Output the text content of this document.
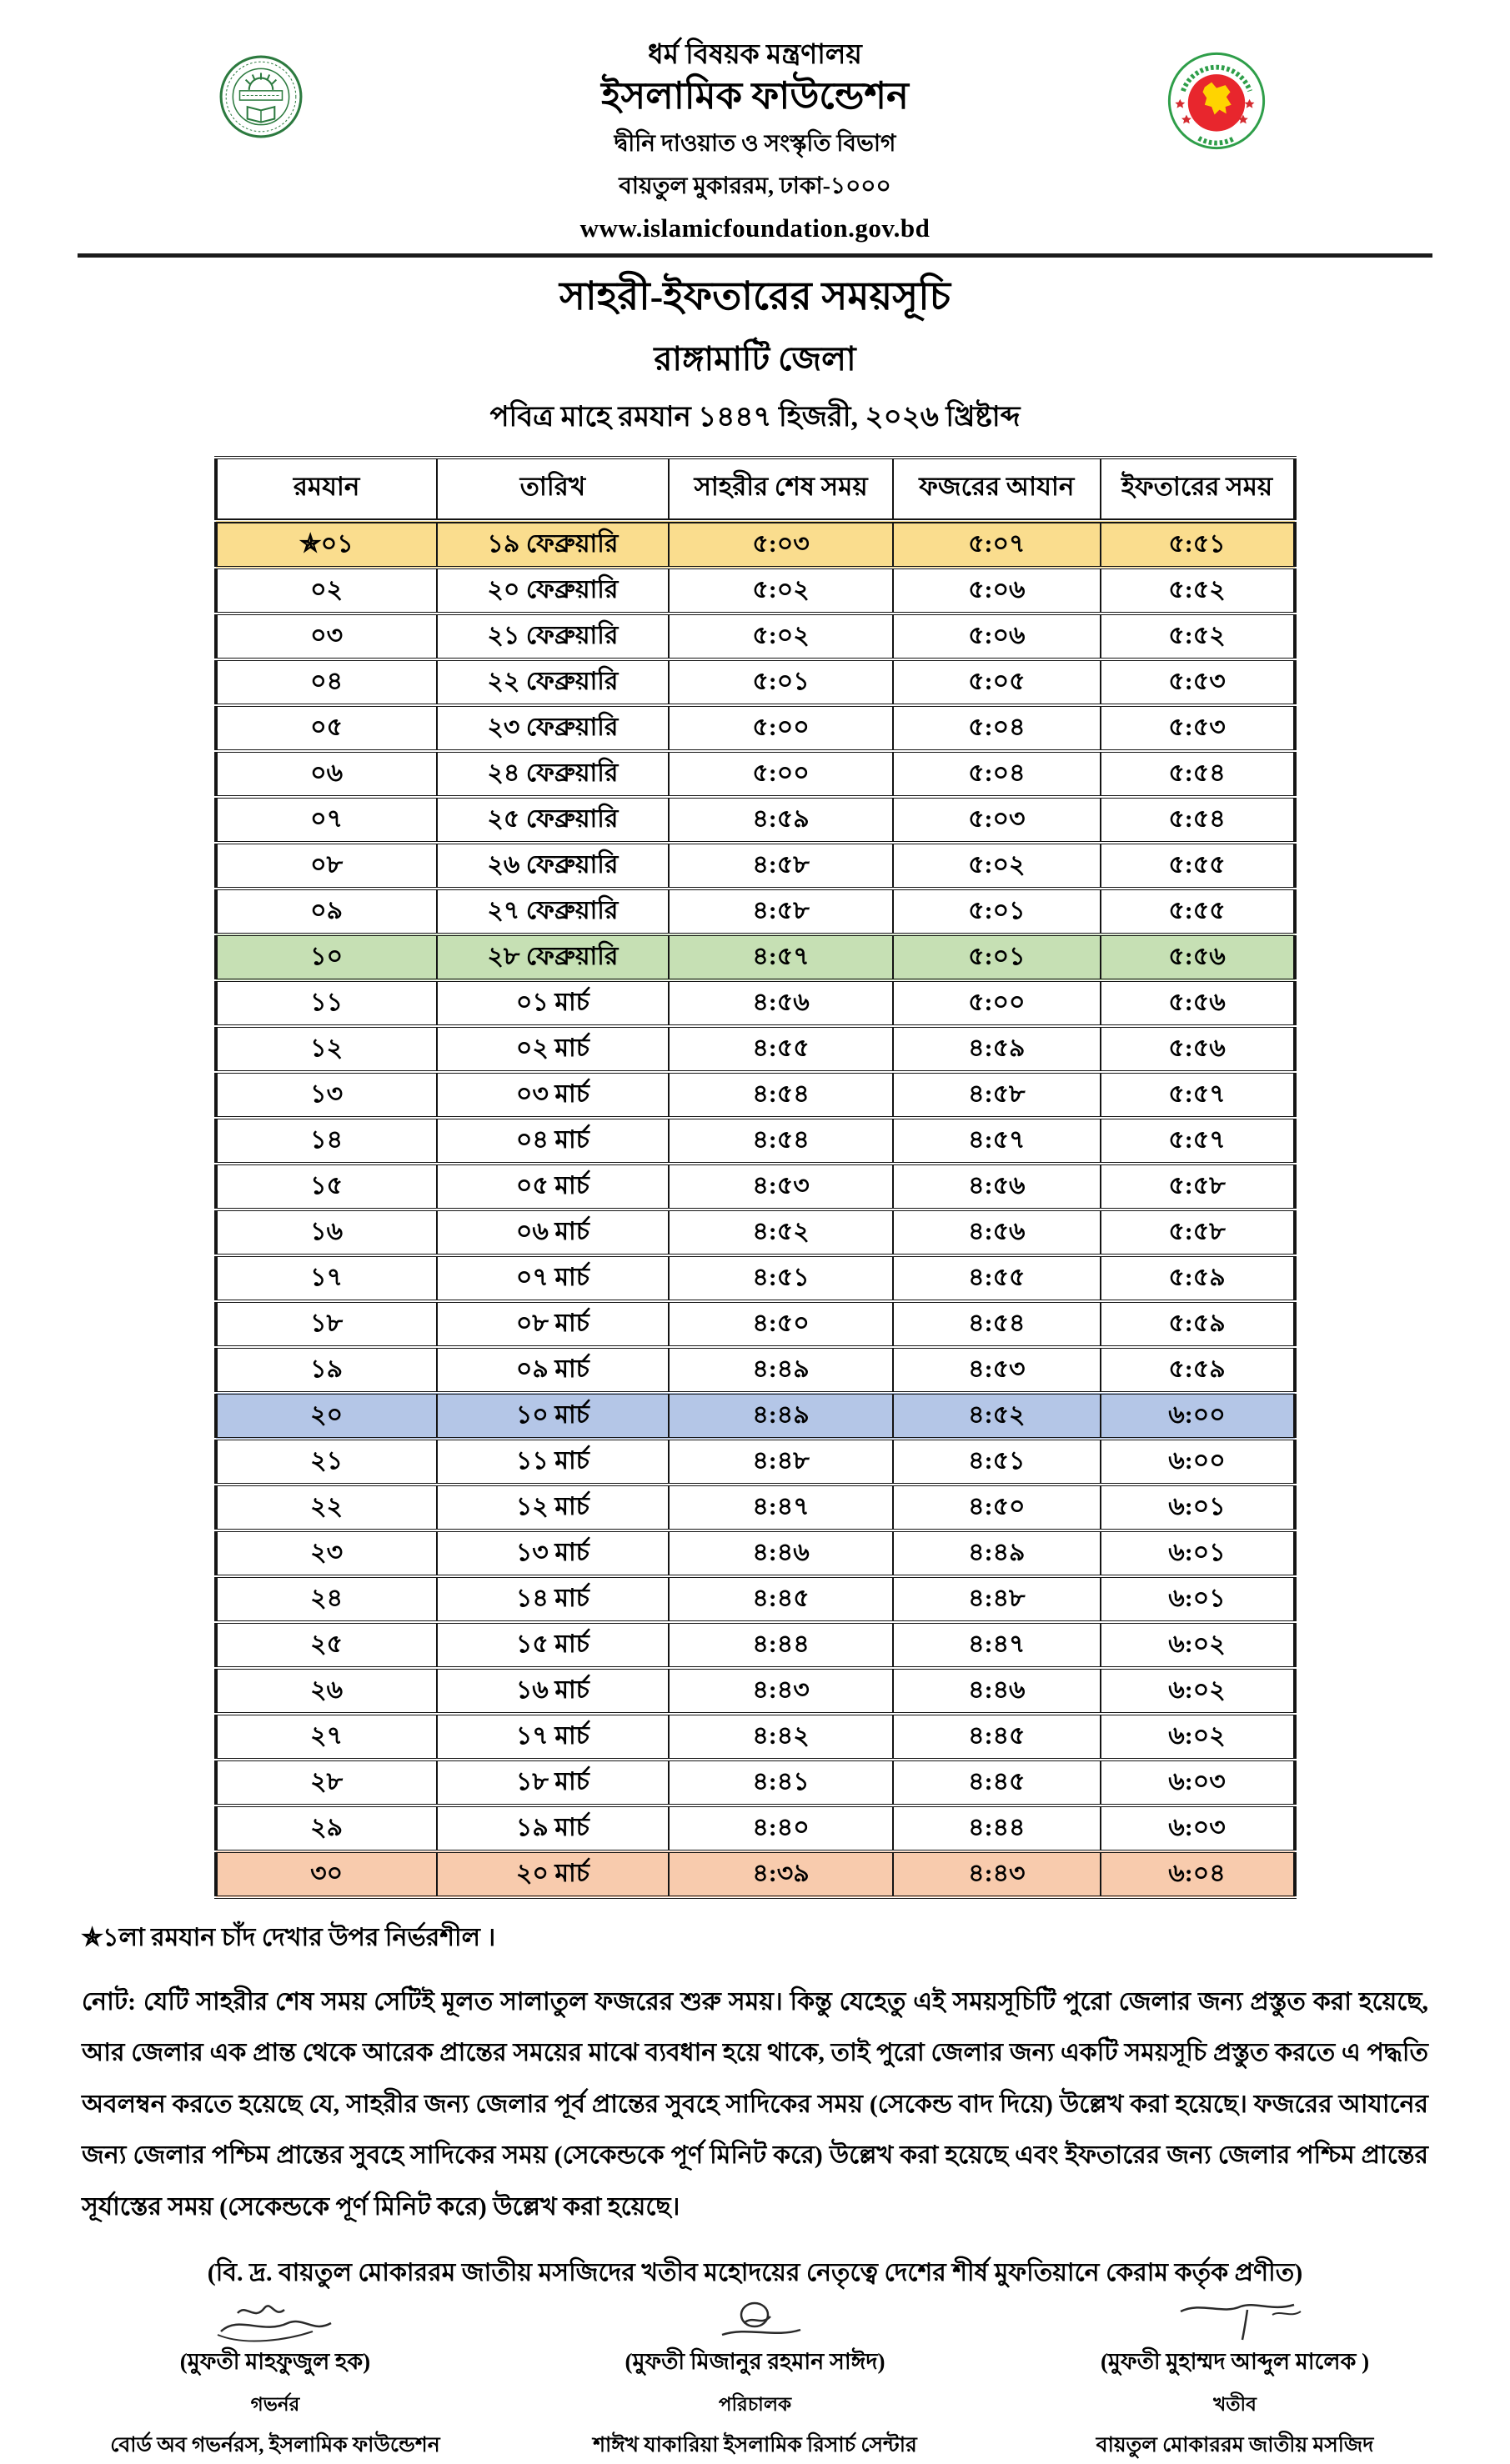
ধর্ম বিষয়ক মন্ত্রণালয়
ইসলামিক ফাউন্ডেশন
দ্বীনি দাওয়াত ও সংস্কৃতি বিভাগ
বায়তুল মুকাররম, ঢাকা-১০০০
www.islamicfoundation.gov.bd
সাহরী-ইফতারের সময়সূচি
রাঙ্গামাটি জেলা
পবিত্র মাহে রমযান ১৪৪৭ হিজরী, ২০২৬ খ্রিষ্টাব্দ
রমযান	তারিখ	সাহরীর শেষ সময়	ফজরের আযান	ইফতারের সময়
✯০১	১৯ ফেব্রুয়ারি	৫:০৩	৫:০৭	৫:৫১
০২	২০ ফেব্রুয়ারি	৫:০২	৫:০৬	৫:৫২
০৩	২১ ফেব্রুয়ারি	৫:০২	৫:০৬	৫:৫২
০৪	২২ ফেব্রুয়ারি	৫:০১	৫:০৫	৫:৫৩
০৫	২৩ ফেব্রুয়ারি	৫:০০	৫:০৪	৫:৫৩
০৬	২৪ ফেব্রুয়ারি	৫:০০	৫:০৪	৫:৫৪
০৭	২৫ ফেব্রুয়ারি	৪:৫৯	৫:০৩	৫:৫৪
০৮	২৬ ফেব্রুয়ারি	৪:৫৮	৫:০২	৫:৫৫
০৯	২৭ ফেব্রুয়ারি	৪:৫৮	৫:০১	৫:৫৫
১০	২৮ ফেব্রুয়ারি	৪:৫৭	৫:০১	৫:৫৬
১১	০১ মার্চ	৪:৫৬	৫:০০	৫:৫৬
১২	০২ মার্চ	৪:৫৫	৪:৫৯	৫:৫৬
১৩	০৩ মার্চ	৪:৫৪	৪:৫৮	৫:৫৭
১৪	০৪ মার্চ	৪:৫৪	৪:৫৭	৫:৫৭
১৫	০৫ মার্চ	৪:৫৩	৪:৫৬	৫:৫৮
১৬	০৬ মার্চ	৪:৫২	৪:৫৬	৫:৫৮
১৭	০৭ মার্চ	৪:৫১	৪:৫৫	৫:৫৯
১৮	০৮ মার্চ	৪:৫০	৪:৫৪	৫:৫৯
১৯	০৯ মার্চ	৪:৪৯	৪:৫৩	৫:৫৯
২০	১০ মার্চ	৪:৪৯	৪:৫২	৬:০০
২১	১১ মার্চ	৪:৪৮	৪:৫১	৬:০০
২২	১২ মার্চ	৪:৪৭	৪:৫০	৬:০১
২৩	১৩ মার্চ	৪:৪৬	৪:৪৯	৬:০১
২৪	১৪ মার্চ	৪:৪৫	৪:৪৮	৬:০১
২৫	১৫ মার্চ	৪:৪৪	৪:৪৭	৬:০২
২৬	১৬ মার্চ	৪:৪৩	৪:৪৬	৬:০২
২৭	১৭ মার্চ	৪:৪২	৪:৪৫	৬:০২
২৮	১৮ মার্চ	৪:৪১	৪:৪৫	৬:০৩
২৯	১৯ মার্চ	৪:৪০	৪:৪৪	৬:০৩
৩০	২০ মার্চ	৪:৩৯	৪:৪৩	৬:০৪
✯১লা রমযান চাঁদ দেখার উপর নির্ভরশীল ।
নোট: যেটি সাহরীর শেষ সময় সেটিই মূলত সালাতুল ফজরের শুরু সময়। কিন্তু যেহেতু এই সময়সূচিটি পুরো জেলার জন্য প্রস্তুত করা হয়েছে, আর জেলার এক প্রান্ত থেকে আরেক প্রান্তের সময়ের মাঝে ব্যবধান হয়ে থাকে, তাই পুরো জেলার জন্য একটি সময়সূচি প্রস্তুত করতে এ পদ্ধতি অবলম্বন করতে হয়েছে যে, সাহরীর জন্য জেলার পূর্ব প্রান্তের সুবহে সাদিকের সময় (সেকেন্ড বাদ দিয়ে) উল্লেখ করা হয়েছে। ফজরের আযানের জন্য জেলার পশ্চিম প্রান্তের সুবহে সাদিকের সময় (সেকেন্ডকে পূর্ণ মিনিট করে) উল্লেখ করা হয়েছে এবং ইফতারের জন্য জেলার পশ্চিম প্রান্তের সূর্যাস্তের সময় (সেকেন্ডকে পূর্ণ মিনিট করে) উল্লেখ করা হয়েছে।
(বি. দ্র. বায়তুল মোকাররম জাতীয় মসজিদের খতীব মহোদয়ের নেতৃত্বে দেশের শীর্ষ মুফতিয়ানে কেরাম কর্তৃক প্রণীত)
(মুফতী মাহফুজুল হক)
গভর্নর
বোর্ড অব গভর্নরস, ইসলামিক ফাউন্ডেশন
(মুফতী মিজানুর রহমান সাঈদ)
পরিচালক
শাঈখ যাকারিয়া ইসলামিক রিসার্চ সেন্টার
(মুফতী মুহাম্মদ আব্দুল মালেক )
খতীব
বায়তুল মোকাররম জাতীয় মসজিদ
